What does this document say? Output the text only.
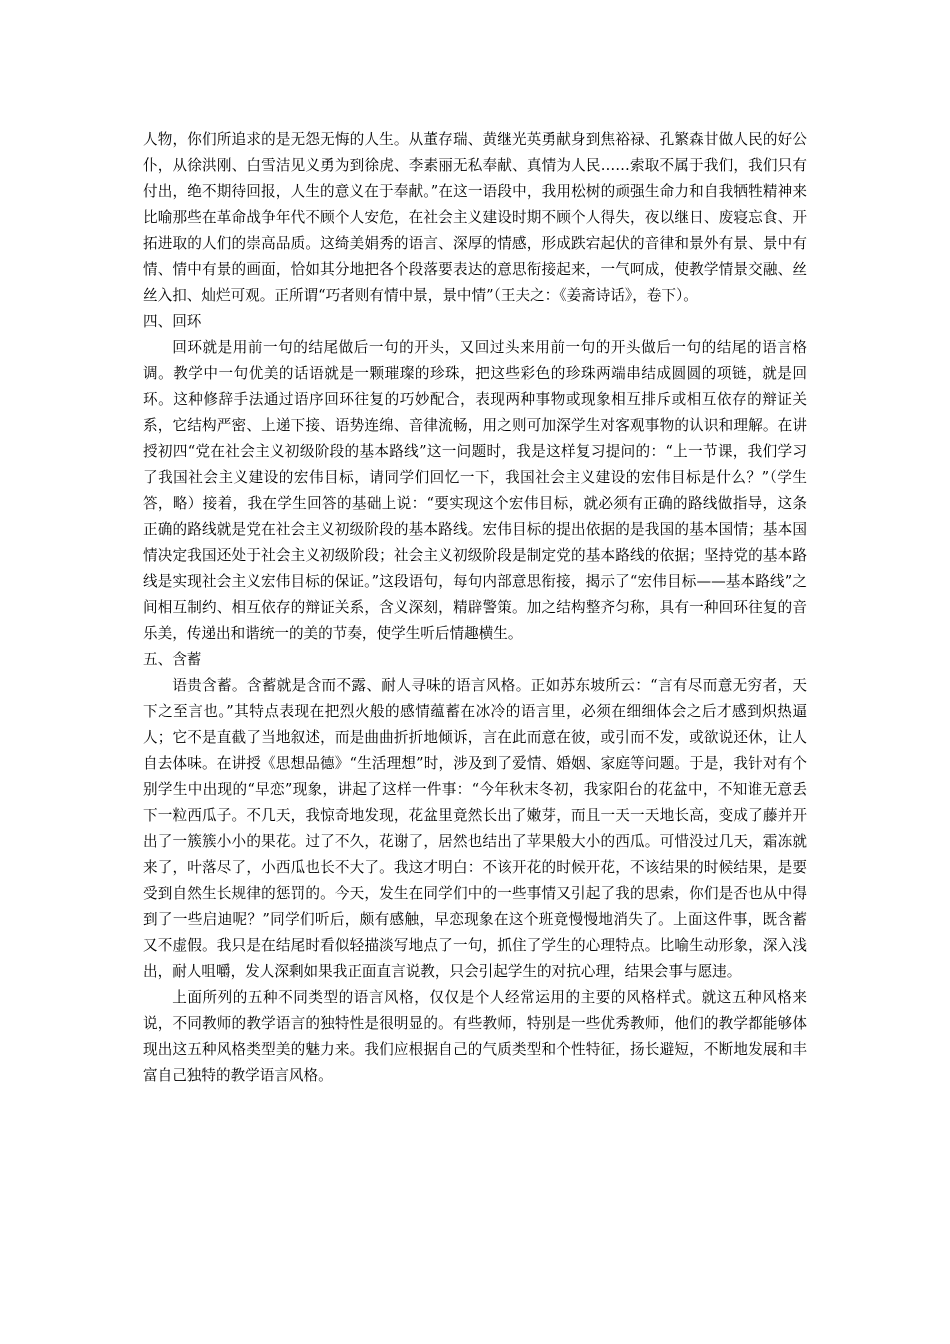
人物，你们所追求的是无怨无悔的人生。从董存瑞、黄继光英勇献身到焦裕禄、孔繁森甘做人民的好公仆，从徐洪刚、白雪洁见义勇为到徐虎、李素丽无私奉献、真情为人民……索取不属于我们，我们只有付出，绝不期待回报，人生的意义在于奉献。”在这一语段中，我用松树的顽强生命力和自我牺牲精神来比喻那些在革命战争年代不顾个人安危，在社会主义建设时期不顾个人得失，夜以继日、废寝忘食、开拓进取的人们的崇高品质。这绮美娟秀的语言、深厚的情感，形成跌宕起伏的音律和景外有景、景中有情、情中有景的画面，恰如其分地把各个段落要表达的意思衔接起来，一气呵成，使教学情景交融、丝丝入扣、灿烂可观。正所谓“巧者则有情中景，景中情”（王夫之：《姜斋诗话》，卷下）。

四、回环

回环就是用前一句的结尾做后一句的开头，又回过头来用前一句的开头做后一句的结尾的语言格调。教学中一句优美的话语就是一颗璀璨的珍珠，把这些彩色的珍珠两端串结成圆圆的项链，就是回环。这种修辞手法通过语序回环往复的巧妙配合，表现两种事物或现象相互排斥或相互依存的辩证关系，它结构严密、上递下接、语势连绵、音律流畅，用之则可加深学生对客观事物的认识和理解。在讲授初四“党在社会主义初级阶段的基本路线”这一问题时，我是这样复习提问的：“上一节课，我们学习了我国社会主义建设的宏伟目标，请同学们回忆一下，我国社会主义建设的宏伟目标是什么？”（学生答，略）接着，我在学生回答的基础上说：“要实现这个宏伟目标，就必须有正确的路线做指导，这条正确的路线就是党在社会主义初级阶段的基本路线。宏伟目标的提出依据的是我国的基本国情；基本国情决定我国还处于社会主义初级阶段；社会主义初级阶段是制定党的基本路线的依据；坚持党的基本路线是实现社会主义宏伟目标的保证。”这段语句，每句内部意思衔接，揭示了“宏伟目标——基本路线”之间相互制约、相互依存的辩证关系，含义深刻，精辟警策。加之结构整齐匀称，具有一种回环往复的音乐美，传递出和谐统一的美的节奏，使学生听后情趣横生。

五、含蓄

语贵含蓄。含蓄就是含而不露、耐人寻味的语言风格。正如苏东坡所云：“言有尽而意无穷者，天下之至言也。”其特点表现在把烈火般的感情蕴蓄在冰冷的语言里，必须在细细体会之后才感到炽热逼人；它不是直截了当地叙述，而是曲曲折折地倾诉，言在此而意在彼，或引而不发，或欲说还休，让人自去体味。在讲授《思想品德》“生活理想”时，涉及到了爱情、婚姻、家庭等问题。于是，我针对有个别学生中出现的“早恋”现象，讲起了这样一件事：“今年秋末冬初，我家阳台的花盆中，不知谁无意丢下一粒西瓜子。不几天，我惊奇地发现，花盆里竟然长出了嫩芽，而且一天一天地长高，变成了藤并开出了一簇簇小小的果花。过了不久，花谢了，居然也结出了苹果般大小的西瓜。可惜没过几天，霜冻就来了，叶落尽了，小西瓜也长不大了。我这才明白：不该开花的时候开花，不该结果的时候结果，是要受到自然生长规律的惩罚的。今天，发生在同学们中的一些事情又引起了我的思索，你们是否也从中得到了一些启迪呢？”同学们听后，颇有感触，早恋现象在这个班竟慢慢地消失了。上面这件事，既含蓄又不虚假。我只是在结尾时看似轻描淡写地点了一句，抓住了学生的心理特点。比喻生动形象，深入浅出，耐人咀嚼，发人深剩如果我正面直言说教，只会引起学生的对抗心理，结果会事与愿违。

上面所列的五种不同类型的语言风格，仅仅是个人经常运用的主要的风格样式。就这五种风格来说，不同教师的教学语言的独特性是很明显的。有些教师，特别是一些优秀教师，他们的教学都能够体现出这五种风格类型美的魅力来。我们应根据自己的气质类型和个性特征，扬长避短，不断地发展和丰富自己独特的教学语言风格。
